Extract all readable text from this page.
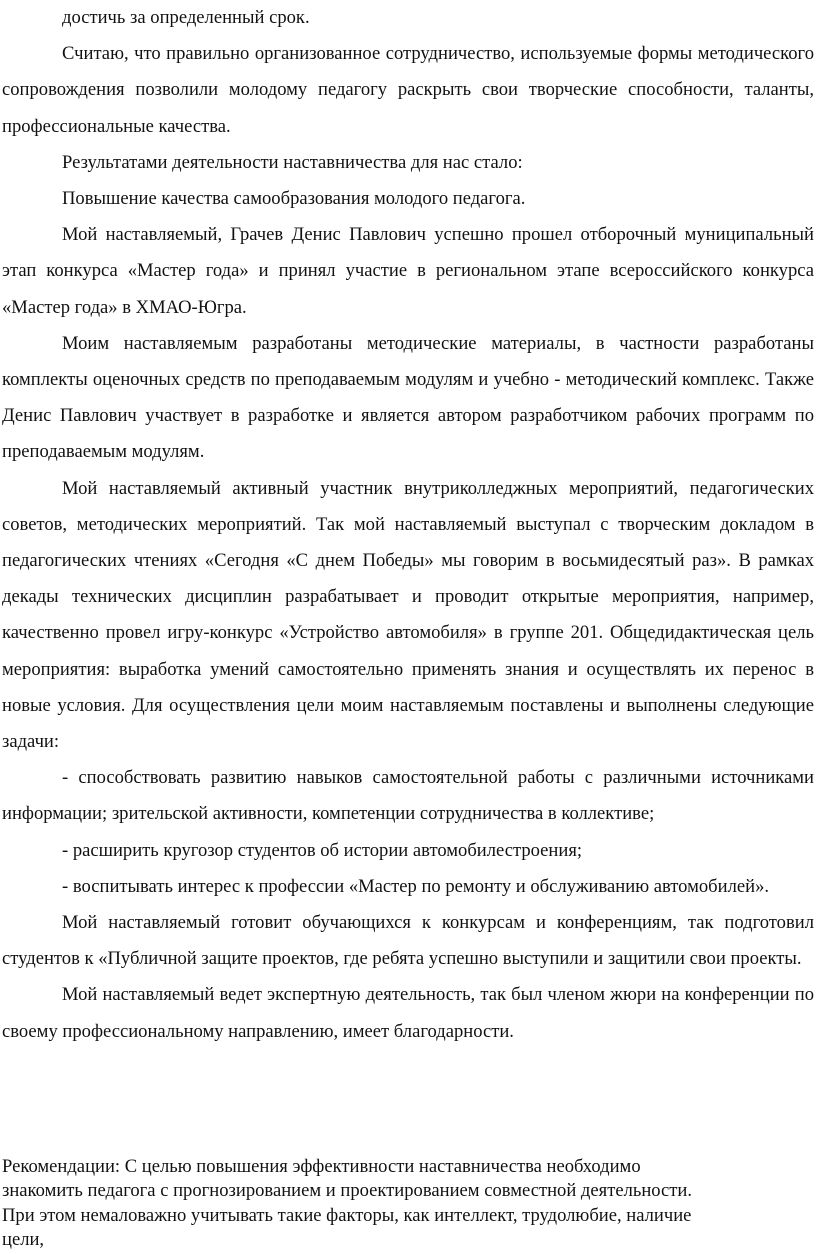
достичь за определенный срок.

Считаю, что правильно организованное сотрудничество, используемые формы методического сопровождения позволили молодому педагогу раскрыть свои творческие способности, таланты, профессиональные качества.

Результатами деятельности наставничества для нас стало:

Повышение качества самообразования молодого педагога.

Мой наставляемый, Грачев Денис Павлович успешно прошел отборочный муниципальный этап конкурса «Мастер года» и принял участие в региональном этапе всероссийского конкурса «Мастер года» в ХМАО-Югра.

Моим наставляемым разработаны методические материалы, в частности разработаны комплекты оценочных средств по преподаваемым модулям и учебно - методический комплекс. Также Денис Павлович участвует в разработке и является автором разработчиком рабочих программ по преподаваемым модулям.

Мой наставляемый активный участник внутриколледжных мероприятий, педагогических советов, методических мероприятий. Так мой наставляемый выступал с творческим докладом в педагогических чтениях «Сегодня «С днем Победы» мы говорим в восьмидесятый раз». В рамках декады технических дисциплин разрабатывает и проводит открытые мероприятия, например, качественно провел игру-конкурс «Устройство автомобиля» в группе 201. Общедидактическая цель мероприятия: выработка умений самостоятельно применять знания и осуществлять их перенос в новые условия. Для осуществления цели моим наставляемым поставлены и выполнены следующие задачи:

- способствовать развитию навыков самостоятельной работы с различными источниками информации; зрительской активности, компетенции сотрудничества в коллективе;

- расширить кругозор студентов об истории автомобилестроения;

- воспитывать интерес к профессии «Мастер по ремонту и обслуживанию автомобилей».

Мой наставляемый готовит обучающихся к конкурсам и конференциям, так подготовил студентов к «Публичной защите проектов, где ребята успешно выступили и защитили свои проекты.

Мой наставляемый ведет экспертную деятельность, так был членом жюри на конференции по своему профессиональному направлению, имеет благодарности.

Рекомендации: С целью повышения эффективности наставничества необходимо

знакомить педагога с прогнозированием и проектированием совместной деятельности.

При этом немаловажно учитывать такие факторы, как интеллект, трудолюбие, наличие

цели,
